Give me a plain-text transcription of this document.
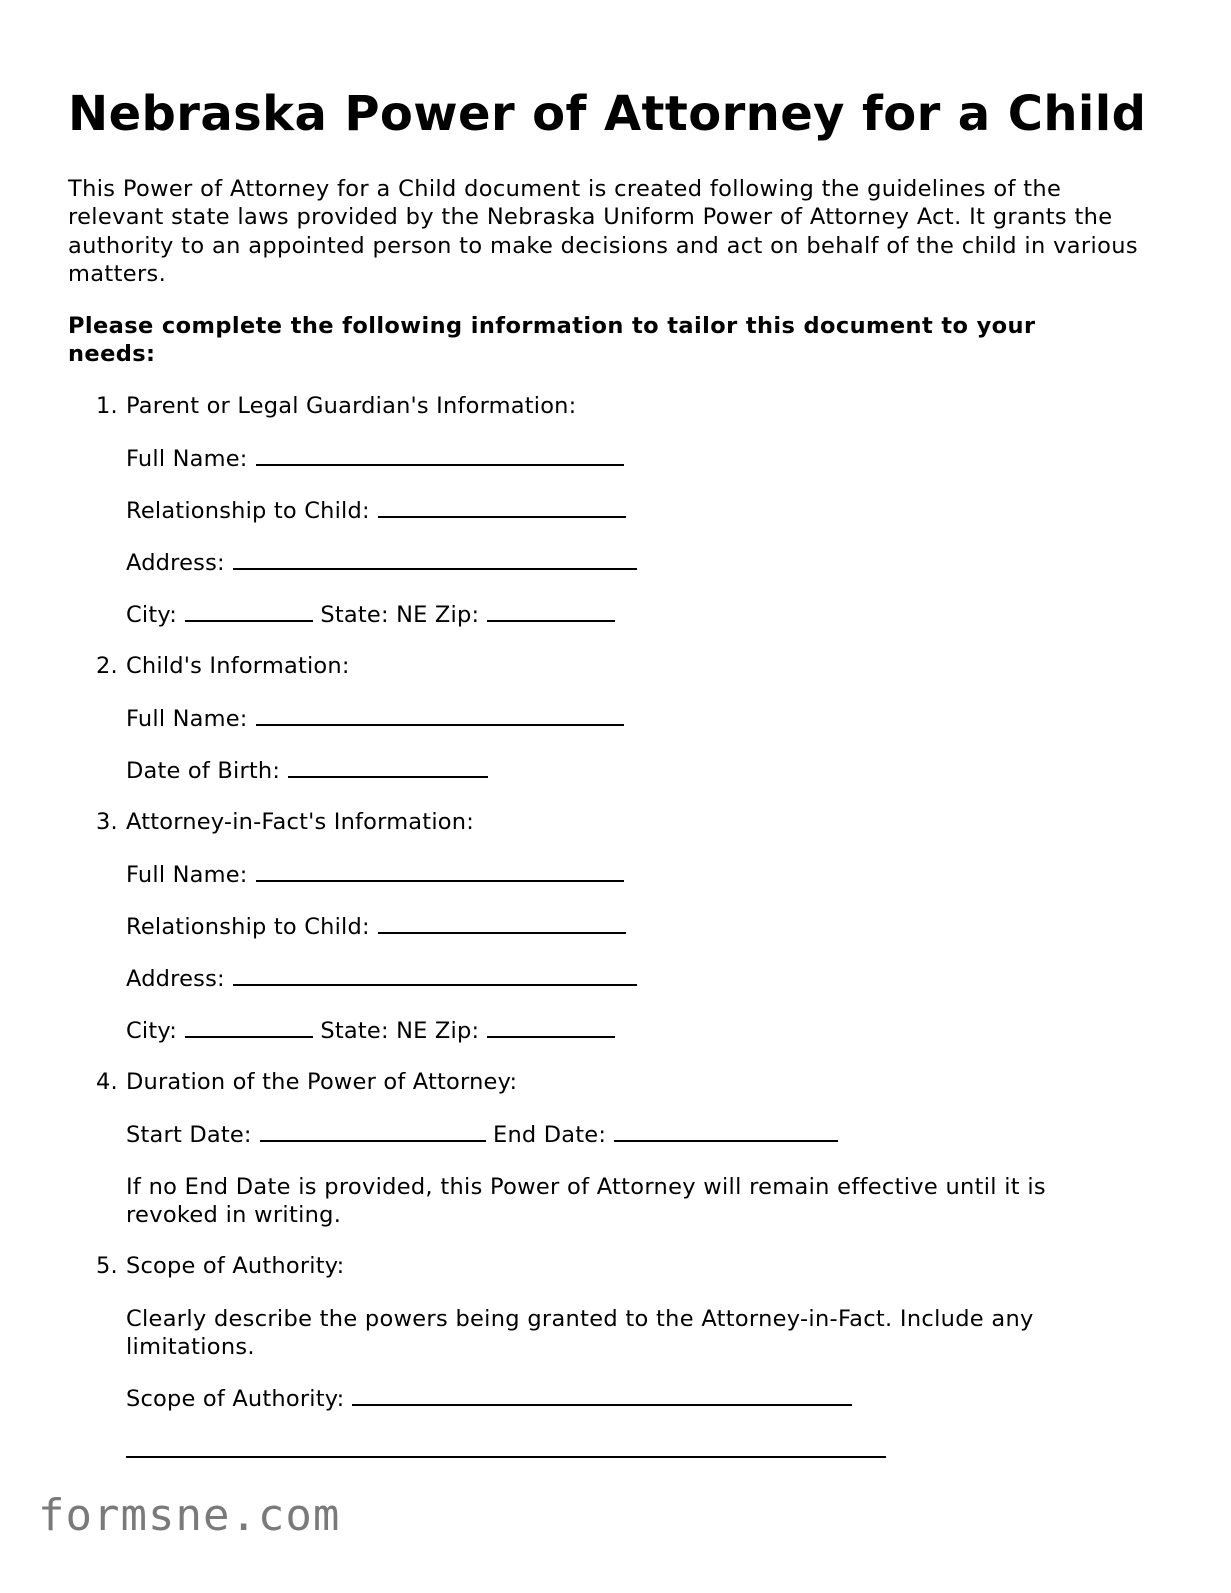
Nebraska Power of Attorney for a Child

This Power of Attorney for a Child document is created following the guidelines of the relevant state laws provided by the Nebraska Uniform Power of Attorney Act. It grants the authority to an appointed person to make decisions and act on behalf of the child in various matters.

Please complete the following information to tailor this document to your needs:

1. Parent or Legal Guardian's Information:
Full Name:
Relationship to Child:
Address:
City:	State: NE Zip:
2. Child's Information:
Full Name:
Date of Birth:
3. Attorney-in-Fact's Information:
Full Name:
Relationship to Child:
Address:
City:	State: NE Zip:
4. Duration of the Power of Attorney:
Start Date:	End Date:
If no End Date is provided, this Power of Attorney will remain effective until it is revoked in writing.
5. Scope of Authority:
Clearly describe the powers being granted to the Attorney-in-Fact. Include any limitations.
Scope of Authority:
formsne.com
